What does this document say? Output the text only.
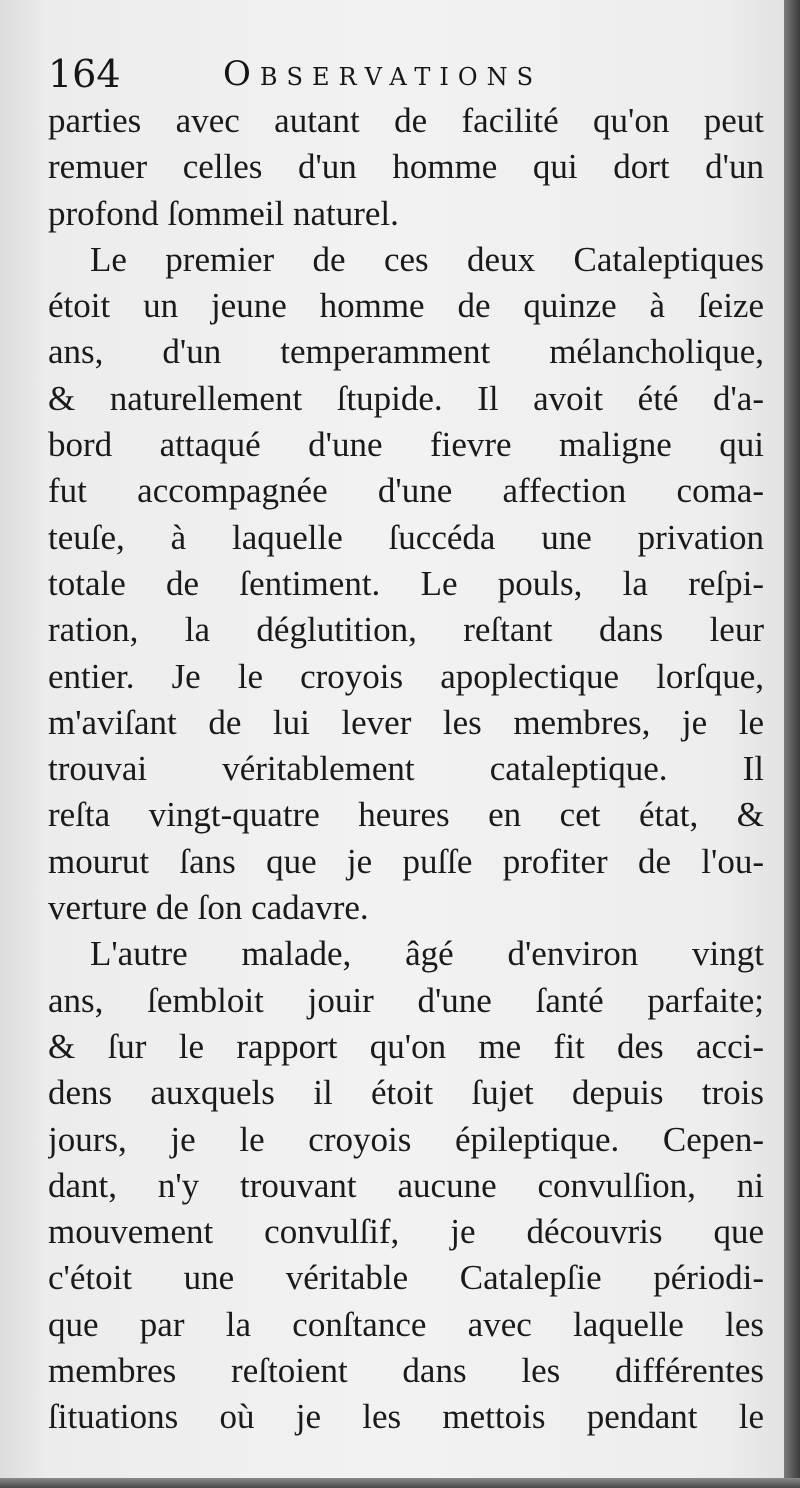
164	Observations
parties avec autant de facilité qu'on peut
remuer celles d'un homme qui dort d'un
profond ſommeil naturel.
Le premier de ces deux Cataleptiques
étoit un jeune homme de quinze à ſeize
ans, d'un temperamment mélancholique,
& naturellement ſtupide. Il avoit été d'a-
bord attaqué d'une fievre maligne qui
fut accompagnée d'une affection coma-
teuſe, à laquelle ſuccéda une privation
totale de ſentiment. Le pouls, la reſpi-
ration, la déglutition, reſtant dans leur
entier. Je le croyois apoplectique lorſque,
m'aviſant de lui lever les membres, je le
trouvai véritablement cataleptique. Il
reſta vingt-quatre heures en cet état, &
mourut ſans que je puſſe profiter de l'ou-
verture de ſon cadavre.
L'autre malade, âgé d'environ vingt
ans, ſembloit jouir d'une ſanté parfaite;
& ſur le rapport qu'on me fit des acci-
dens auxquels il étoit ſujet depuis trois
jours, je le croyois épileptique. Cepen-
dant, n'y trouvant aucune convulſion, ni
mouvement convulſif, je découvris que
c'étoit une véritable Catalepſie périodi-
que par la conſtance avec laquelle les
membres reſtoient dans les différentes
ſituations où je les mettois pendant le
